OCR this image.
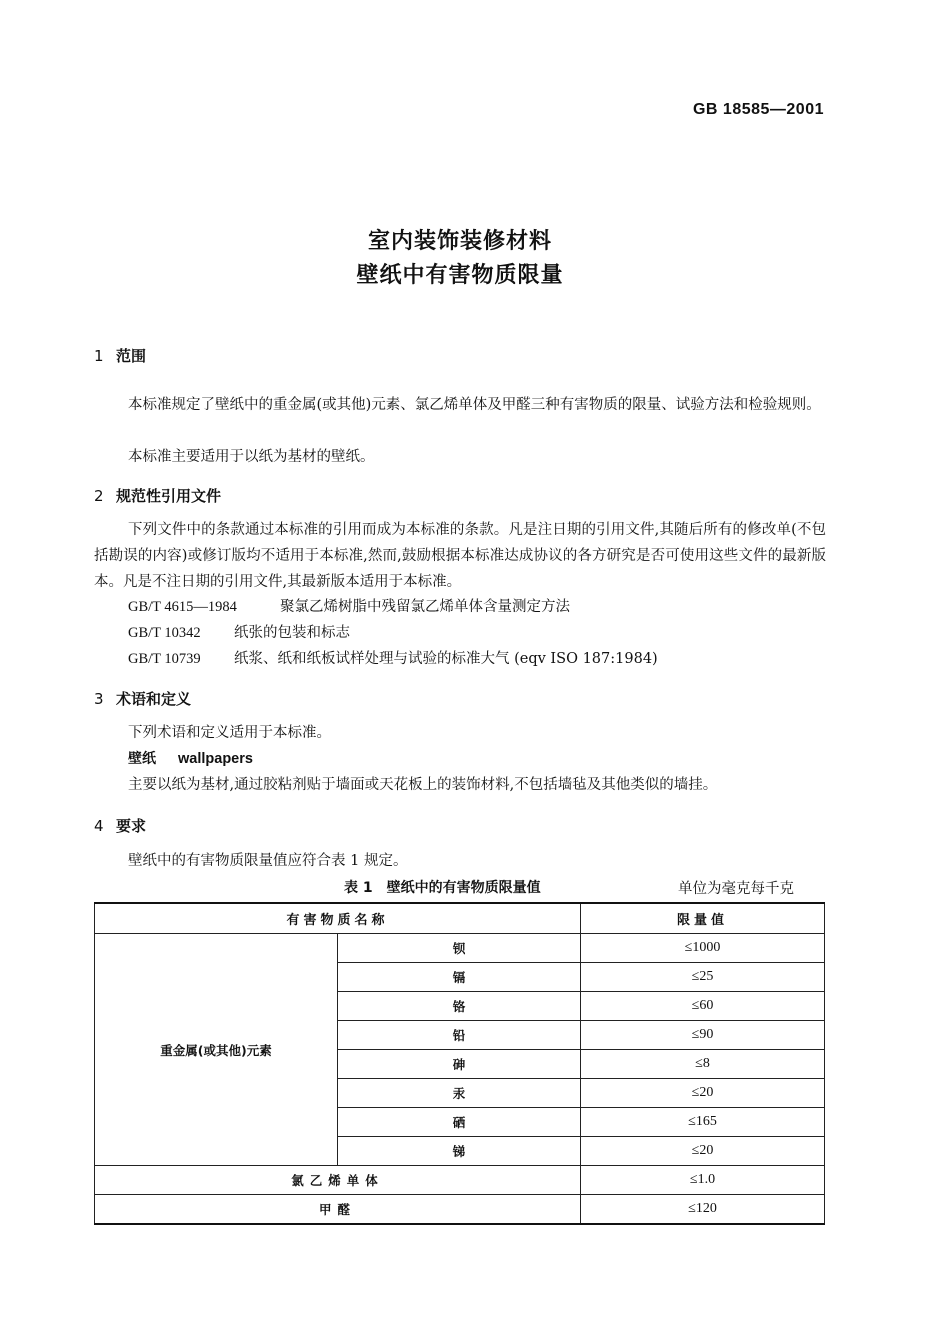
GB 18585—2001
室内装饰装修材料
壁纸中有害物质限量
1 范围
本标准规定了壁纸中的重金属(或其他)元素、氯乙烯单体及甲醛三种有害物质的限量、试验方法和检验规则。
本标准主要适用于以纸为基材的壁纸。
2 规范性引用文件
下列文件中的条款通过本标准的引用而成为本标准的条款。凡是注日期的引用文件,其随后所有的修改单(不包括勘误的内容)或修订版均不适用于本标准,然而,鼓励根据本标准达成协议的各方研究是否可使用这些文件的最新版本。凡是不注日期的引用文件,其最新版本适用于本标准。
GB/T 4615—1984	聚氯乙烯树脂中残留氯乙烯单体含量测定方法
GB/T 10342 纸张的包装和标志
GB/T 10739 纸浆、纸和纸板试样处理与试验的标准大气 (eqv ISO 187:1984)
3 术语和定义
下列术语和定义适用于本标准。
壁纸 wallpapers
主要以纸为基材,通过胶粘剂贴于墙面或天花板上的装饰材料,不包括墙毡及其他类似的墙挂。
4 要求
壁纸中的有害物质限量值应符合表 1 规定。
表 1　壁纸中的有害物质限量值	单位为毫克每千克
有害物质名称		限量值
重金属(或其他)元素	钡	≤1000
	镉	≤25
	铬	≤60
	铅	≤90
	砷	≤8
	汞	≤20
	硒	≤165
	锑	≤20
氯乙烯单体		≤1.0
甲醛		≤120
